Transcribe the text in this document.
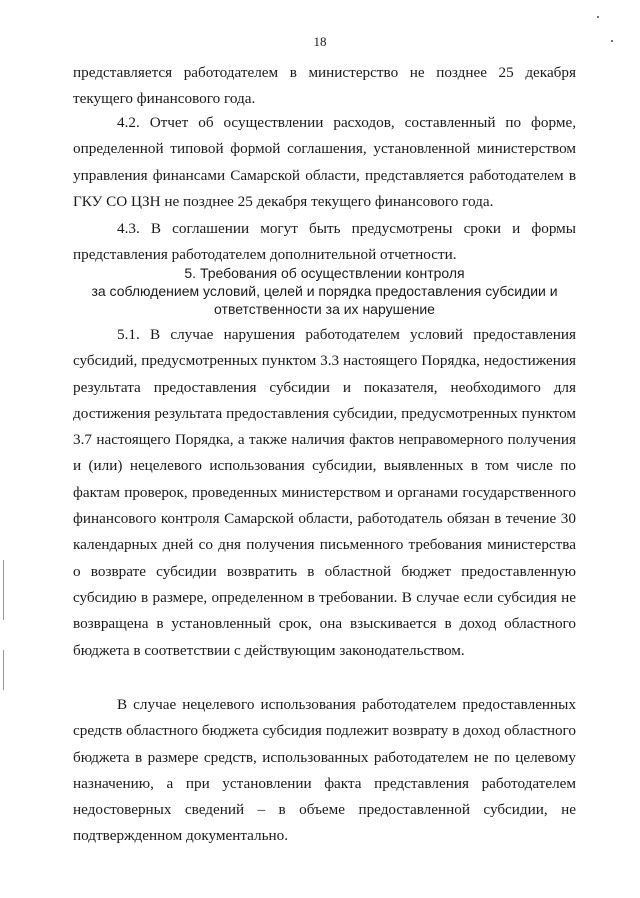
18

представляется работодателем в министерство не позднее 25 декабря текущего финансового года.

4.2. Отчет об осуществлении расходов, составленный по форме, определенной типовой формой соглашения, установленной министерством управления финансами Самарской области, представляется работодателем в ГКУ СО ЦЗН не позднее 25 декабря текущего финансового года.

4.3. В соглашении могут быть предусмотрены сроки и формы представления работодателем дополнительной отчетности.

5. Требования об осуществлении контроля
за соблюдением условий, целей и порядка предоставления субсидии и
ответственности за их нарушение

5.1. В случае нарушения работодателем условий предоставления субсидий, предусмотренных пунктом 3.3 настоящего Порядка, недостижения результата предоставления субсидии и показателя, необходимого для достижения результата предоставления субсидии, предусмотренных пунктом 3.7 настоящего Порядка, а также наличия фактов неправомерного получения и (или) нецелевого использования субсидии, выявленных в том числе по фактам проверок, проведенных министерством и органами государственного финансового контроля Самарской области, работодатель обязан в течение 30 календарных дней со дня получения письменного требования министерства о возврате субсидии возвратить в областной бюджет предоставленную субсидию в размере, определенном в требовании. В случае если субсидия не возвращена в установленный срок, она взыскивается в доход областного бюджета в соответствии с действующим законодательством.

В случае нецелевого использования работодателем предоставленных средств областного бюджета субсидия подлежит возврату в доход областного бюджета в размере средств, использованных работодателем не по целевому назначению, а при установлении факта представления работодателем недостоверных сведений – в объеме предоставленной субсидии, не подтвержденном документально.
